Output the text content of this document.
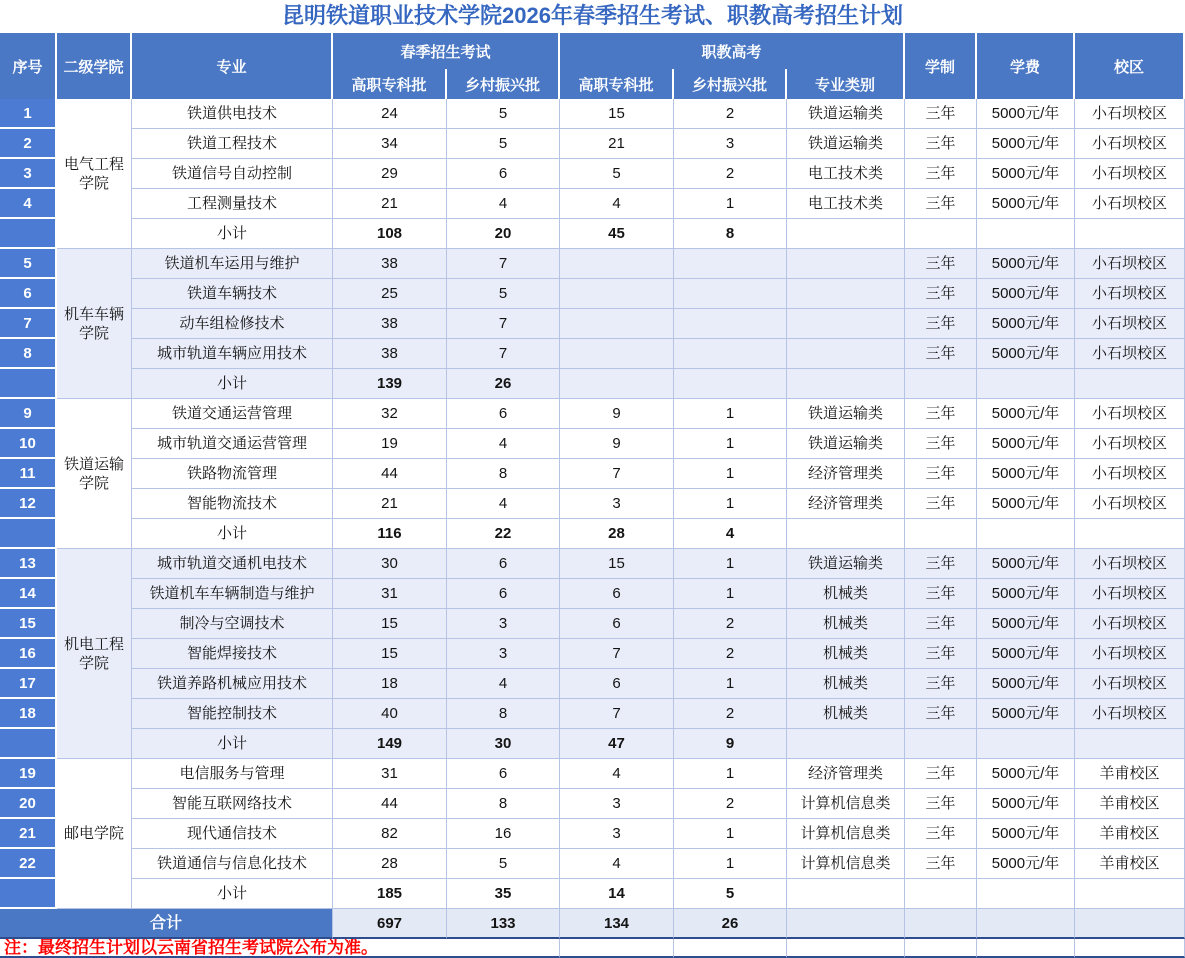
昆明铁道职业技术学院2026年春季招生考试、职教高考招生计划
序号	二级学院	专业	春季招生考试		职教高考			学制	学费	校区
			高职专科批	乡村振兴批	高职专科批	乡村振兴批	专业类别			
1	电气工程学院	铁道供电技术	24	5	15	2	铁道运输类	三年	5000元/年	小石坝校区
2		铁道工程技术	34	5	21	3	铁道运输类	三年	5000元/年	小石坝校区
3		铁道信号自动控制	29	6	5	2	电工技术类	三年	5000元/年	小石坝校区
4		工程测量技术	21	4	4	1	电工技术类	三年	5000元/年	小石坝校区
		小计	108	20	45	8				
5	机车车辆学院	铁道机车运用与维护	38	7				三年	5000元/年	小石坝校区
6		铁道车辆技术	25	5				三年	5000元/年	小石坝校区
7		动车组检修技术	38	7				三年	5000元/年	小石坝校区
8		城市轨道车辆应用技术	38	7				三年	5000元/年	小石坝校区
		小计	139	26						
9	铁道运输学院	铁道交通运营管理	32	6	9	1	铁道运输类	三年	5000元/年	小石坝校区
10		城市轨道交通运营管理	19	4	9	1	铁道运输类	三年	5000元/年	小石坝校区
11		铁路物流管理	44	8	7	1	经济管理类	三年	5000元/年	小石坝校区
12		智能物流技术	21	4	3	1	经济管理类	三年	5000元/年	小石坝校区
		小计	116	22	28	4				
13	机电工程学院	城市轨道交通机电技术	30	6	15	1	铁道运输类	三年	5000元/年	小石坝校区
14		铁道机车车辆制造与维护	31	6	6	1	机械类	三年	5000元/年	小石坝校区
15		制冷与空调技术	15	3	6	2	机械类	三年	5000元/年	小石坝校区
16		智能焊接技术	15	3	7	2	机械类	三年	5000元/年	小石坝校区
17		铁道养路机械应用技术	18	4	6	1	机械类	三年	5000元/年	小石坝校区
18		智能控制技术	40	8	7	2	机械类	三年	5000元/年	小石坝校区
		小计	149	30	47	9				
19	邮电学院	电信服务与管理	31	6	4	1	经济管理类	三年	5000元/年	羊甫校区
20		智能互联网络技术	44	8	3	2	计算机信息类	三年	5000元/年	羊甫校区
21		现代通信技术	82	16	3	1	计算机信息类	三年	5000元/年	羊甫校区
22		铁道通信与信息化技术	28	5	4	1	计算机信息类	三年	5000元/年	羊甫校区
		小计	185	35	14	5				
合计			697	133	134	26				
注：最终招生计划以云南省招生考试院公布为准。										
